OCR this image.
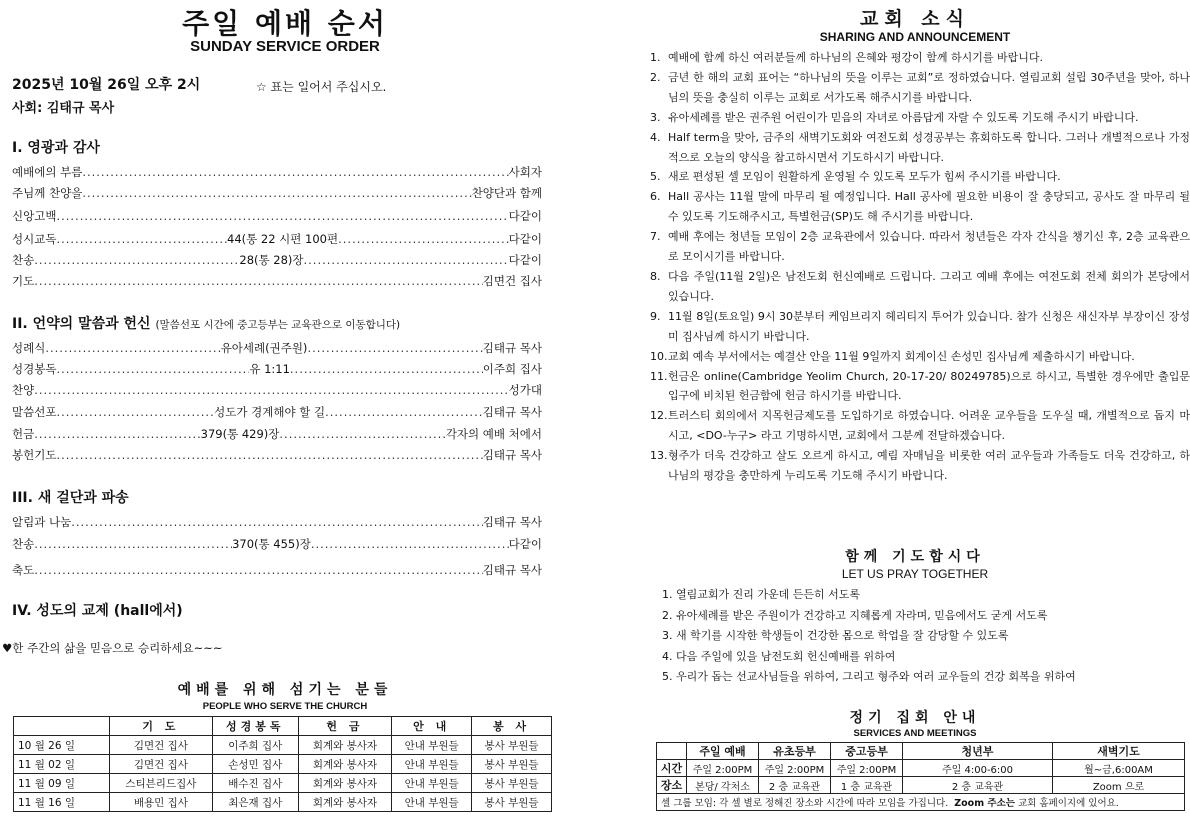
주일 예배 순서
SUNDAY SERVICE ORDER
2025년 10월 26일 오후 2시
사회: 김태규 목사
☆ 표는 일어서 주십시오.
I. 영광과 감사
II. 언약의 말씀과 헌신 (말씀선포 시간에 중고등부는 교육관으로 이동합니다)
III. 새 걸단과 파송
IV. 성도의 교제 (hall에서)
예배에의 부름 .....	사회자
주님께 찬양을 .....	찬양단과 함께
신앙고백 .....	다같이
성시교독 .....	44(통 22 시편 100편 .....	다같이
찬송 .....	28(통 28)장 .....	다같이
기도 .....	김면건 집사
성례식 .....	유아세례(권주원) .....	김태규 목사
성경봉독 .....	유 1:11 .....	이주희 집사
찬양 .....	성가대
말씀선포 .....	성도가 경계해야 할 길 .....	김태규 목사
헌금 .....	379(통 429)장 .....	각자의 예배 처에서
봉헌기도 .....	김태규 목사
알림과 나눔 .....	김태규 목사
찬송 .....	370(통 455)장 .....	다같이
축도 .....	김태규 목사
♥한 주간의 삶을 믿음으로 승리하세요~~~
예배를 위해 섬기는 분들
PEOPLE WHO SERVE THE CHURCH
	기 도	성경봉독	헌 금	안 내	봉 사
10 월 26 일	김면건 집사	이주희 집사	회계와 봉사자	안내 부원들	봉사 부원들
11 월 02 일	김면건 집사	손성민 집사	회계와 봉사자	안내 부원들	봉사 부원들
11 월 09 일	스티븐리드집사	배수진 집사	회계와 봉사자	안내 부원들	봉사 부원들
11 월 16 일	배용민 집사	최은재 집사	회계와 봉사자	안내 부원들	봉사 부원들
교회 소식
SHARING AND ANNOUNCEMENT
1. 예배에 함께 하신 여러분들께 하나님의 은혜와 평강이 함께 하시기를 바랍니다.
2. 금년 한 해의 교회 표어는 “하나님의 뜻을 이루는 교회”로 정하였습니다. 열림교회 설립 30주년을 맞아, 하나님의 뜻을 충실히 이루는 교회로 서가도록 해주시기를 바랍니다.
3. 유아세례를 받은 권주원 어린이가 믿음의 자녀로 아름답게 자랄 수 있도록 기도해 주시기 바랍니다.
4. Half term을 맞아, 금주의 새벽기도회와 여전도회 성경공부는 휴회하도록 합니다. 그러나 개별적으로나 가정적으로 오늘의 양식을 참고하시면서 기도하시기 바랍니다.
5. 새로 편성된 셀 모임이 원활하게 운영될 수 있도록 모두가 힘써 주시기를 바랍니다.
6. Hall 공사는 11월 말에 마무리 될 예정입니다. Hall 공사에 필요한 비용이 잘 충당되고, 공사도 잘 마무리 될 수 있도록 기도해주시고, 특별헌금(SP)도 해 주시기를 바랍니다.
7. 예배 후에는 청년들 모임이 2층 교육관에서 있습니다. 따라서 청년들은 각자 간식을 챙기신 후, 2층 교육관으로 모이시기를 바랍니다.
8. 다음 주일(11월 2일)은 남전도회 헌신예배로 드립니다. 그리고 예배 후에는 여전도회 전체 회의가 본당에서 있습니다.
9. 11월 8일(토요일) 9시 30분부터 케임브리지 헤리티지 투어가 있습니다. 참가 신청은 새신자부 부장이신 장성미 집사님께 하시기 바랍니다.
10. 교회 예속 부서에서는 예결산 안을 11월 9일까지 회계이신 손성민 집사님께 제출하시기 바랍니다.
11. 헌금은 online(Cambridge Yeolim Church, 20-17-20/ 80249785)으로 하시고, 특별한 경우에만 출입문 입구에 비치된 헌금함에 헌금 하시기를 바랍니다.
12. 트러스티 회의에서 지목헌금제도를 도입하기로 하였습니다. 어려운 교우들을 도우실 때, 개별적으로 돕지 마시고, <DO-누구> 라고 기명하시면, 교회에서 그분께 전달하겠습니다.
13. 형주가 더욱 건강하고 살도 오르게 하시고, 예림 자매님을 비롯한 여러 교우들과 가족들도 더욱 건강하고, 하나님의 평강을 충만하게 누리도록 기도해 주시기 바랍니다.
함께 기도합시다
LET US PRAY TOGETHER
1. 열림교회가 진리 가운데 든든히 서도록
2. 유아세례를 받은 주원이가 건강하고 지혜롭게 자라며, 믿음에서도 굳게 서도록
3. 새 학기를 시작한 학생들이 건강한 몸으로 학업을 잘 감당할 수 있도록
4. 다음 주일에 있을 남전도회 헌신예배를 위하여
5. 우리가 돕는 선교사님들을 위하여, 그리고 형주와 여러 교우들의 건강 회복을 위하여
정기 집회 안내
SERVICES AND MEETINGS
	주일 예배	유초등부	중고등부	청년부	새벽기도
시간	주일 2:00PM	주일 2:00PM	주일 2:00PM	주일 4:00-6:00	월~금,6:00AM
장소	본당/ 각처소	2 층 교육관	1 층 교육관	2 층 교육관	Zoom 으로
셀 그룹 모임: 각 셀 별로 정해진 장소와 시간에 따라 모임을 가집니다. Zoom 주소는 교회 홈페이지에 있어요.					
